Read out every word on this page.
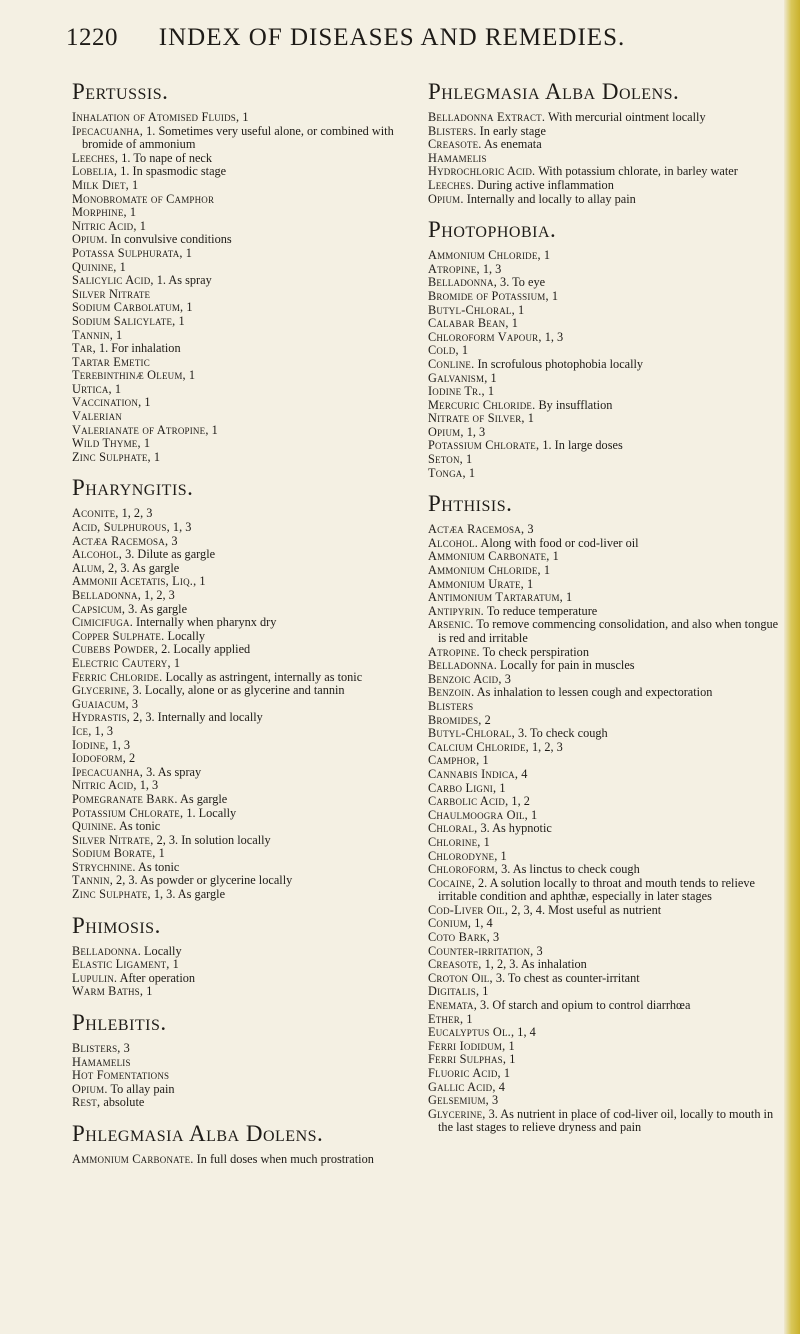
INDEX OF DISEASES AND REMEDIES.
1220
Pertussis.
Inhalation of Atomised Fluids, 1
Ipecacuanha, 1. Sometimes very useful alone, or combined with bromide of ammonium
Leeches, 1. To nape of neck
Lobelia, 1. In spasmodic stage
Milk Diet, 1
Monobromate of Camphor
Morphine, 1
Nitric Acid, 1
Opium. In convulsive conditions
Potassa Sulphurata, 1
Quinine, 1
Salicylic Acid, 1. As spray
Silver Nitrate
Sodium Carbolatum, 1
Sodium Salicylate, 1
Tannin, 1
Tar, 1. For inhalation
Tartar Emetic
Terebinthinæ Oleum, 1
Urtica, 1
Vaccination, 1
Valerian
Valerianate of Atropine, 1
Wild Thyme, 1
Zinc Sulphate, 1
Pharyngitis.
Aconite, 1, 2, 3
Acid, Sulphurous, 1, 3
Actæa Racemosa, 3
Alcohol, 3. Dilute as gargle
Alum, 2, 3. As gargle
Ammonii Acetatis, Liq., 1
Belladonna, 1, 2, 3
Capsicum, 3. As gargle
Cimicifuga. Internally when pharynx dry
Copper Sulphate. Locally
Cubebs Powder, 2. Locally applied
Electric Cautery, 1
Ferric Chloride. Locally as astringent, internally as tonic
Glycerine, 3. Locally, alone or as glycerine and tannin
Guaiacum, 3
Hydrastis, 2, 3. Internally and locally
Ice, 1, 3
Iodine, 1, 3
Iodoform, 2
Ipecacuanha, 3. As spray
Nitric Acid, 1, 3
Pomegranate Bark. As gargle
Potassium Chlorate, 1. Locally
Quinine. As tonic
Silver Nitrate, 2, 3. In solution locally
Sodium Borate, 1
Strychnine. As tonic
Tannin, 2, 3. As powder or glycerine locally
Zinc Sulphate, 1, 3. As gargle
Phimosis.
Belladonna. Locally
Elastic Ligament, 1
Lupulin. After operation
Warm Baths, 1
Phlebitis.
Blisters, 3
Hamamelis
Hot Fomentations
Opium. To allay pain
Rest, absolute
Phlegmasia Alba Dolens.
Ammonium Carbonate. In full doses when much prostration
Phlegmasia Alba Dolens.
Belladonna Extract. With mercurial ointment locally
Blisters. In early stage
Creasote. As enemata
Hamamelis
Hydrochloric Acid. With potassium chlorate, in barley water
Leeches. During active inflammation
Opium. Internally and locally to allay pain
Photophobia.
Ammonium Chloride, 1
Atropine, 1, 3
Belladonna, 3. To eye
Bromide of Potassium, 1
Butyl-Chloral, 1
Calabar Bean, 1
Chloroform Vapour, 1, 3
Cold, 1
Conline. In scrofulous photophobia locally
Galvanism, 1
Iodine Tr., 1
Mercuric Chloride. By insufflation
Nitrate of Silver, 1
Opium, 1, 3
Potassium Chlorate, 1. In large doses
Seton, 1
Tonga, 1
Phthisis.
Actæa Racemosa, 3
Alcohol. Along with food or cod-liver oil
Ammonium Carbonate, 1
Ammonium Chloride, 1
Ammonium Urate, 1
Antimonium Tartaratum, 1
Antipyrin. To reduce temperature
Arsenic. To remove commencing consolidation, and also when tongue is red and irritable
Atropine. To check perspiration
Belladonna. Locally for pain in muscles
Benzoic Acid, 3
Benzoin. As inhalation to lessen cough and expectoration
Blisters
Bromides, 2
Butyl-Chloral, 3. To check cough
Calcium Chloride, 1, 2, 3
Camphor, 1
Cannabis Indica, 4
Carbo Ligni, 1
Carbolic Acid, 1, 2
Chaulmoogra Oil, 1
Chloral, 3. As hypnotic
Chlorine, 1
Chlorodyne, 1
Chloroform, 3. As linctus to check cough
Cocaine, 2. A solution locally to throat and mouth tends to relieve irritable condition and aphthæ, especially in later stages
Cod-Liver Oil, 2, 3, 4. Most useful as nutrient
Conium, 1, 4
Coto Bark, 3
Counter-irritation, 3
Creasote, 1, 2, 3. As inhalation
Croton Oil, 3. To chest as counter-irritant
Digitalis, 1
Enemata, 3. Of starch and opium to control diarrhœa
Ether, 1
Eucalyptus Ol., 1, 4
Ferri Iodidum, 1
Ferri Sulphas, 1
Fluoric Acid, 1
Gallic Acid, 4
Gelsemium, 3
Glycerine, 3. As nutrient in place of cod-liver oil, locally to mouth in the last stages to relieve dryness and pain
